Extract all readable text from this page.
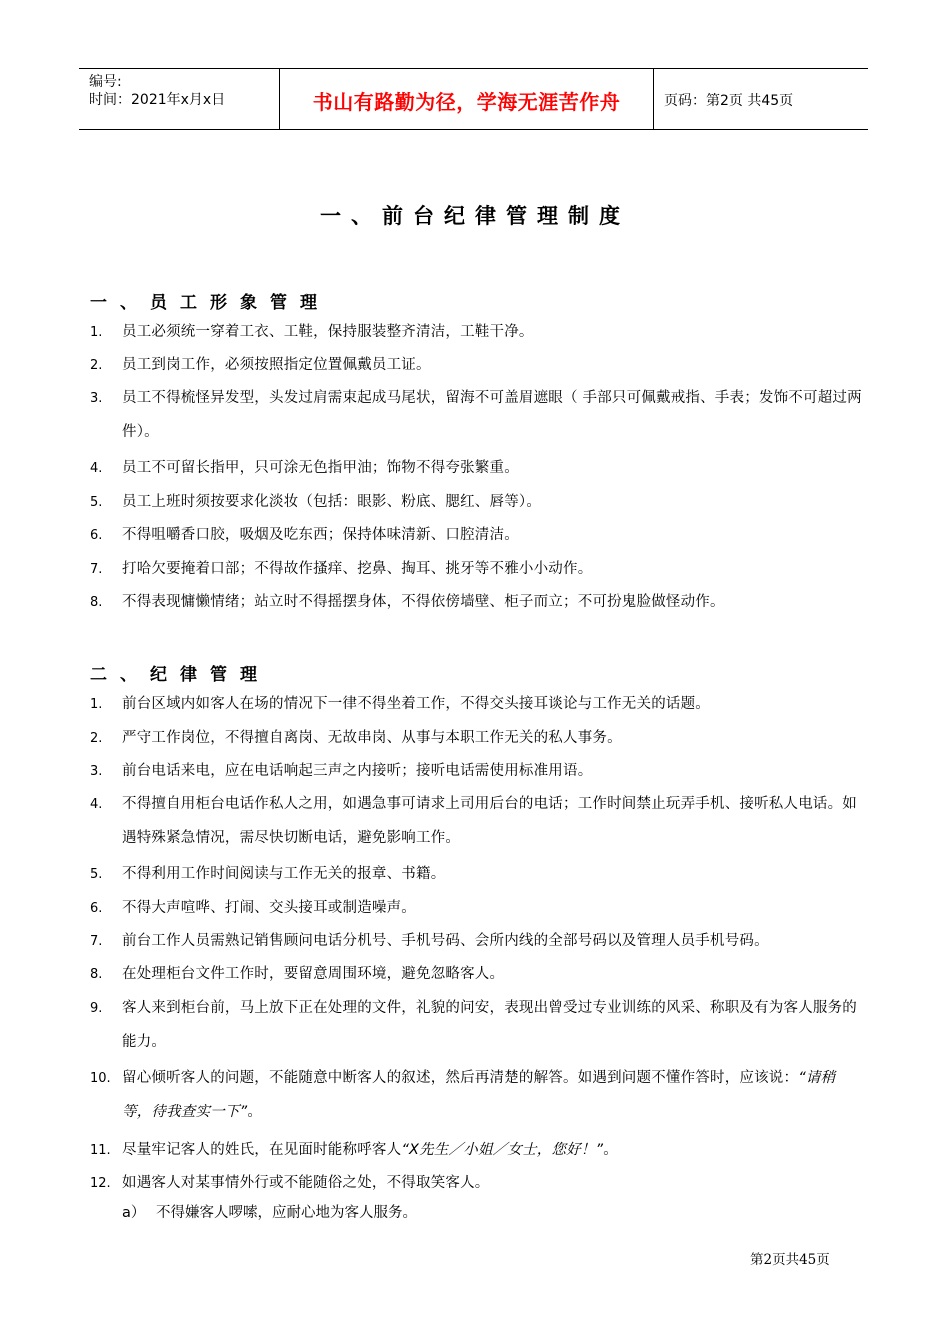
编号:
时间：2021年x月x日	书山有路勤为径，学海无涯苦作舟	页码：第2页 共45页
一、前台纪律管理制度
一、员工形象管理
1. 员工必须统一穿着工衣、工鞋，保持服装整齐清洁，工鞋干净。
2. 员工到岗工作，必须按照指定位置佩戴员工证。
3. 员工不得梳怪异发型，头发过肩需束起成马尾状，留海不可盖眉遮眼（ 手部只可佩戴戒指、手表；发饰不可超过两件）。
4. 员工不可留长指甲，只可涂无色指甲油；饰物不得夸张繁重。
5. 员工上班时须按要求化淡妆（包括：眼影、粉底、腮红、唇等）。
6. 不得咀嚼香口胶，吸烟及吃东西；保持体味清新、口腔清洁。
7. 打哈欠要掩着口部；不得故作搔痒、挖鼻、掏耳、挑牙等不雅小小动作。
8. 不得表现慵懒情绪；站立时不得摇摆身体，不得依傍墙壁、柜子而立；不可扮鬼脸做怪动作。
二、纪律管理
1. 前台区域内如客人在场的情况下一律不得坐着工作，不得交头接耳谈论与工作无关的话题。
2. 严守工作岗位，不得擅自离岗、无故串岗、从事与本职工作无关的私人事务。
3. 前台电话来电，应在电话响起三声之内接听；接听电话需使用标准用语。
4. 不得擅自用柜台电话作私人之用，如遇急事可请求上司用后台的电话；工作时间禁止玩弄手机、接听私人电话。如遇特殊紧急情况，需尽快切断电话，避免影响工作。
5. 不得利用工作时间阅读与工作无关的报章、书籍。
6. 不得大声喧哗、打闹、交头接耳或制造噪声。
7. 前台工作人员需熟记销售顾问电话分机号、手机号码、会所内线的全部号码以及管理人员手机号码。
8. 在处理柜台文件工作时，要留意周围环境，避免忽略客人。
9. 客人来到柜台前，马上放下正在处理的文件，礼貌的问安，表现出曾受过专业训练的风采、称职及有为客人服务的能力。
10. 留心倾听客人的问题，不能随意中断客人的叙述，然后再清楚的解答。如遇到问题不懂作答时，应该说：“请稍等，待我查实一下”。
11. 尽量牢记客人的姓氏，在见面时能称呼客人“X先生／小姐／女士，您好！”。
12. 如遇客人对某事情外行或不能随俗之处，不得取笑客人。
a） 不得嫌客人啰嗦，应耐心地为客人服务。
第2页共45页
